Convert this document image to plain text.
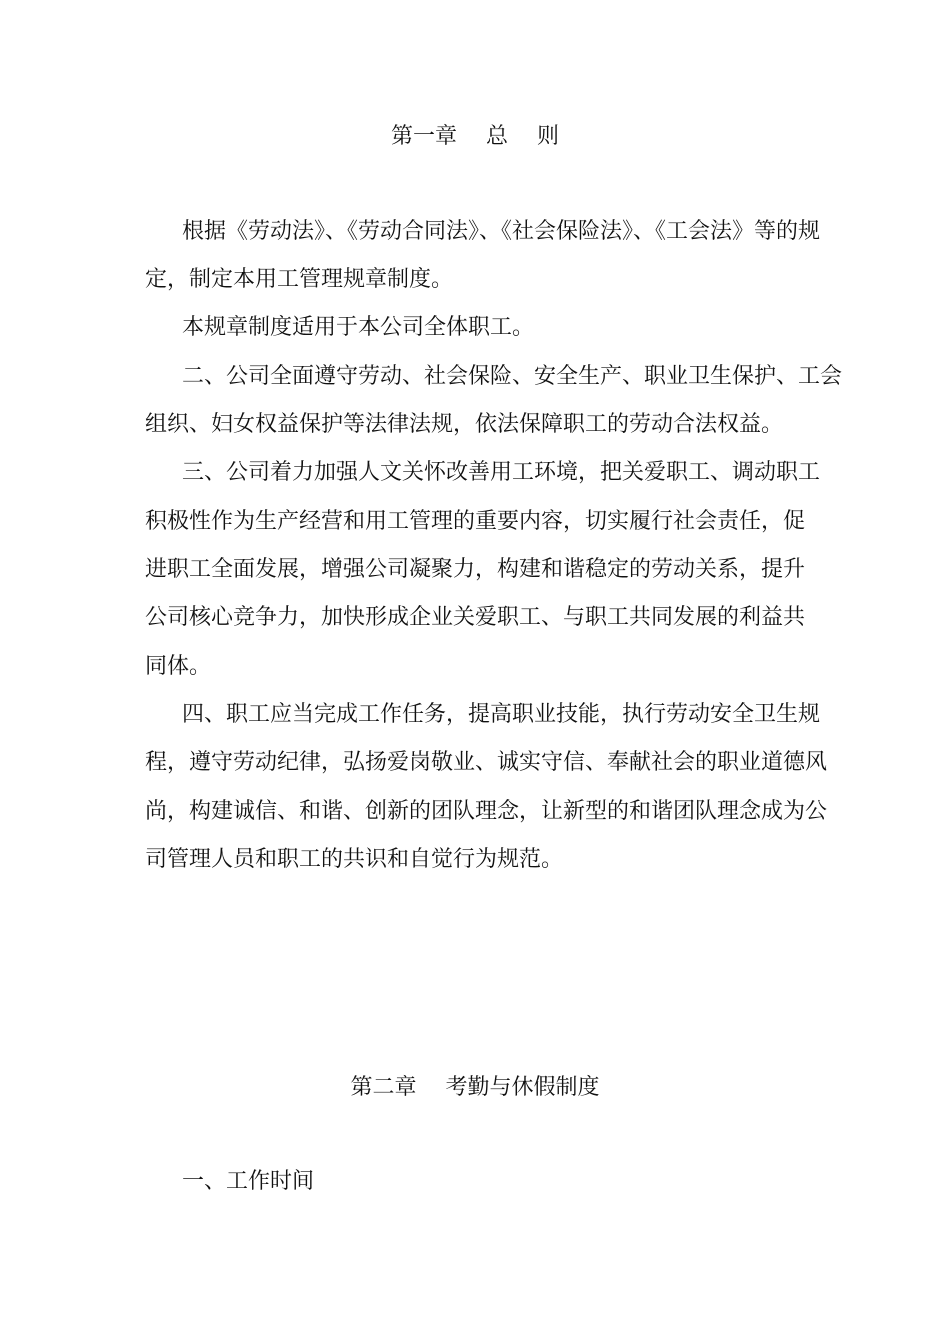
第一章　 总　 则
根据《劳动法》、《劳动合同法》、《社会保险法》、《工会法》等的规
定，制定本用工管理规章制度。
本规章制度适用于本公司全体职工。
二、公司全面遵守劳动、社会保险、安全生产、职业卫生保护、工会
组织、妇女权益保护等法律法规，依法保障职工的劳动合法权益。
三、公司着力加强人文关怀改善用工环境，把关爱职工、调动职工
积极性作为生产经营和用工管理的重要内容，切实履行社会责任，促
进职工全面发展，增强公司凝聚力，构建和谐稳定的劳动关系，提升
公司核心竞争力，加快形成企业关爱职工、与职工共同发展的利益共
同体。
四、职工应当完成工作任务，提高职业技能，执行劳动安全卫生规
程，遵守劳动纪律，弘扬爱岗敬业、诚实守信、奉献社会的职业道德风
尚，构建诚信、和谐、创新的团队理念，让新型的和谐团队理念成为公
司管理人员和职工的共识和自觉行为规范。
第二章　 考勤与休假制度
一、工作时间
